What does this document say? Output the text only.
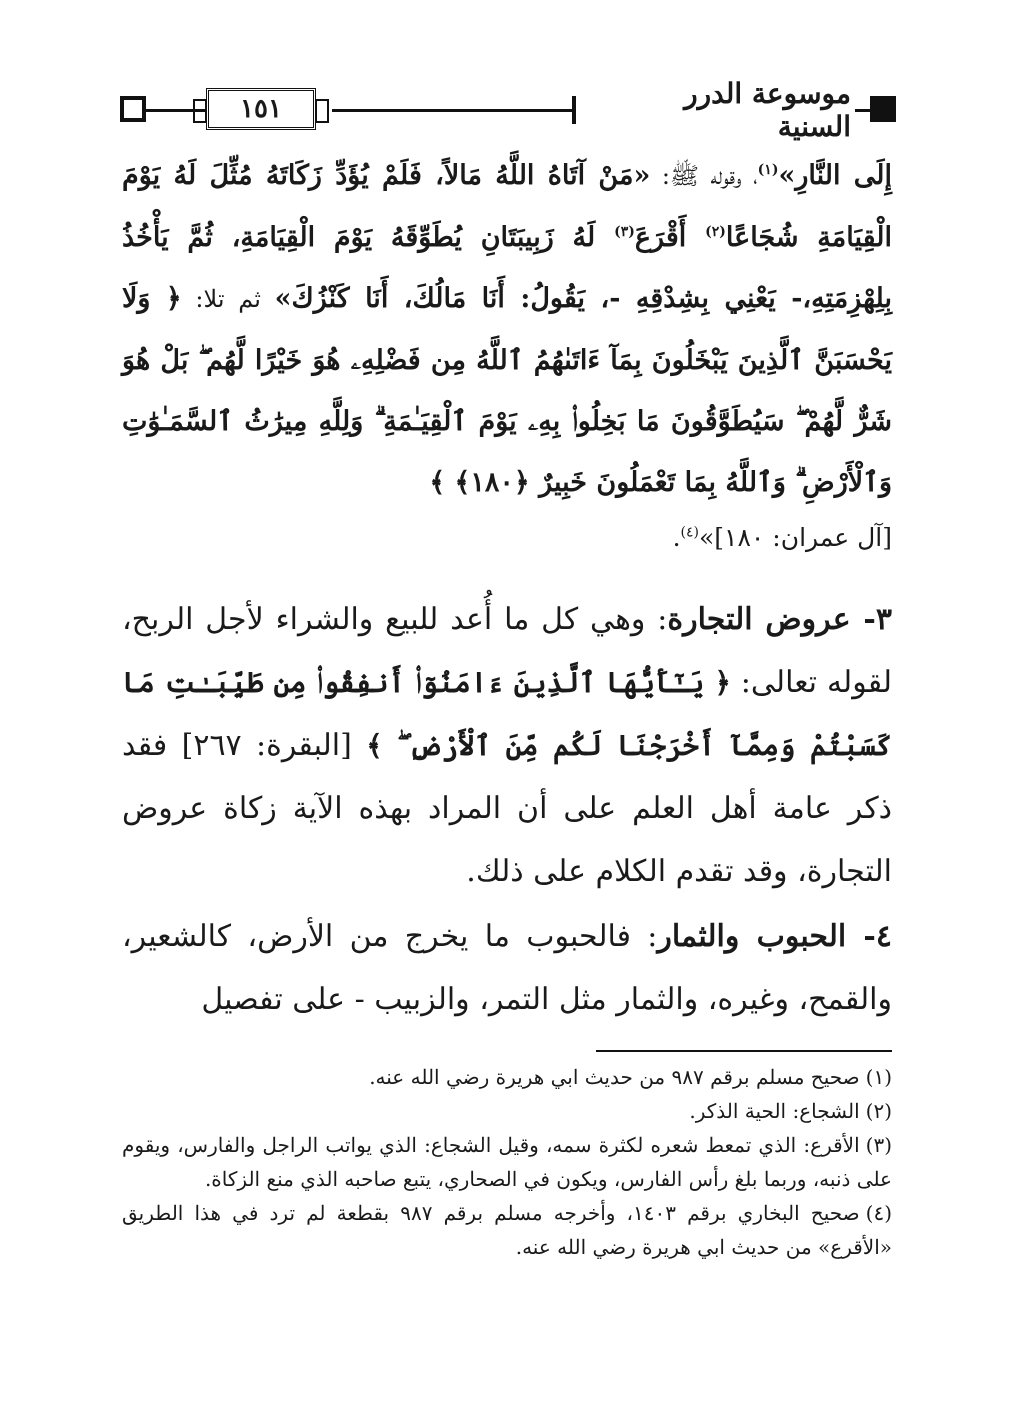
١٥١	موسوعة الدرر السنية

إِلَى النَّارِ»$^{(١)}$، وقوله ﷺ: «مَنْ آتَاهُ اللَّهُ مَالاً، فَلَمْ يُؤَدِّ زَكَاتَهُ مُثِّلَ لَهُ يَوْمَ الْقِيَامَةِ شُجَاعًا$^{(٢)}$ أَقْرَعَ$^{(٣)}$ لَهُ زَبِيبَتَانِ يُطَوِّقَهُ يَوْمَ الْقِيَامَةِ، ثُمَّ يَأْخُذُ بِلِهْزِمَتِهِ،- يَعْنِي بِشِدْقِهِ -، يَقُولُ: أَنَا مَالُكَ، أَنَا كَنْزُكَ» ثم تلا: ﴿ وَلَا يَحْسَبَنَّ ٱلَّذِينَ يَبْخَلُونَ بِمَآ ءَاتَىٰهُمُ ٱللَّهُ مِن فَضْلِهِۦ هُوَ خَيْرًا لَّهُم ۖ بَلْ هُوَ شَرٌّ لَّهُمْ ۖ سَيُطَوَّقُونَ مَا بَخِلُوا۟ بِهِۦ يَوْمَ ٱلْقِيَـٰمَةِ ۗ وَلِلَّهِ مِيرَٰثُ ٱلسَّمَـٰوَٰتِ وَٱلْأَرْضِ ۗ وَٱللَّهُ بِمَا تَعْمَلُونَ خَبِيرٌ ﴿١٨٠﴾ ﴾

[آل عمران: ١٨٠]»$^{(٤)}$.

٣- عروض التجارة: وهي كل ما أُعد للبيع والشراء لأجل الربح، لقوله تعالى: ﴿ يَـٰٓأَيُّهَا ٱلَّذِينَ ءَامَنُوٓا۟ أَنفِقُوا۟ مِن طَيِّبَـٰتِ مَا كَسَبْتُمْ وَمِمَّآ أَخْرَجْنَا لَكُم مِّنَ ٱلْأَرْضِ ۖ ﴾ [البقرة: ٢٦٧] فقد ذكر عامة أهل العلم على أن المراد بهذه الآية زكاة عروض التجارة، وقد تقدم الكلام على ذلك.

٤- الحبوب والثمار: فالحبوب ما يخرج من الأرض، كالشعير، والقمح، وغيره، والثمار مثل التمر، والزبيب - على تفصيل

(١)صحيح مسلم برقم ٩٨٧ من حديث ابي هريرة رضي الله عنه.

(٢)الشجاع: الحية الذكر.

(٣)الأقرع: الذي تمعط شعره لكثرة سمه، وقيل الشجاع: الذي يواتب الراجل والفارس، ويقوم على ذنبه، وربما بلغ رأس الفارس، ويكون في الصحاري، يتبع صاحبه الذي منع الزكاة.

(٤)صحيح البخاري برقم ١٤٠٣، وأخرجه مسلم برقم ٩٨٧ بقطعة لم ترد في هذا الطريق «الأقرع» من حديث ابي هريرة رضي الله عنه.
